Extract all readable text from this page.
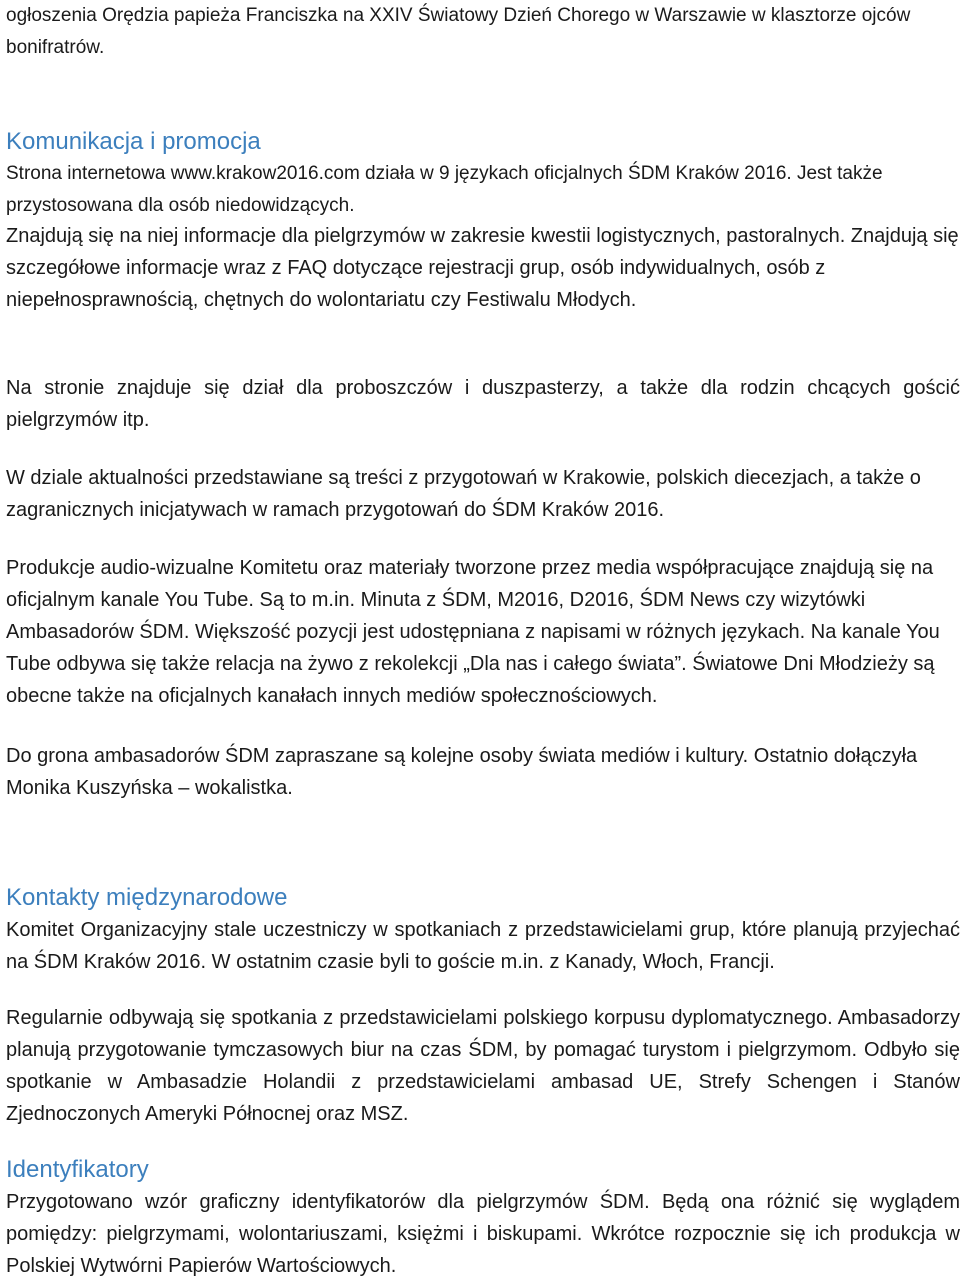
ogłoszenia Orędzia papieża Franciszka na XXIV Światowy Dzień Chorego w Warszawie w klasztorze ojców bonifratrów.

Komunikacja i promocja

Strona internetowa www.krakow2016.com działa w 9 językach oficjalnych ŚDM Kraków 2016. Jest także przystosowana dla osób niedowidzących.

Znajdują się na niej informacje dla pielgrzymów w zakresie kwestii logistycznych, pastoralnych. Znajdują się szczegółowe informacje wraz z FAQ dotyczące rejestracji grup, osób indywidualnych, osób z niepełnosprawnością, chętnych do wolontariatu czy Festiwalu Młodych.

Na stronie znajduje się dział dla proboszczów i duszpasterzy, a także dla rodzin chcących gościć pielgrzymów itp.

W dziale aktualności przedstawiane są treści z przygotowań w Krakowie, polskich diecezjach, a także o zagranicznych inicjatywach w ramach przygotowań do ŚDM Kraków 2016.

Produkcje audio-wizualne Komitetu oraz materiały tworzone przez media współpracujące znajdują się na oficjalnym kanale You Tube. Są to m.in. Minuta z ŚDM, M2016, D2016, ŚDM News czy wizytówki Ambasadorów ŚDM. Większość pozycji jest udostępniana z napisami w różnych językach. Na kanale You Tube odbywa się także relacja na żywo z rekolekcji „Dla nas i całego świata”. Światowe Dni Młodzieży są obecne także na oficjalnych kanałach innych mediów społecznościowych.

Do grona ambasadorów ŚDM zapraszane są kolejne osoby świata mediów i kultury. Ostatnio dołączyła Monika Kuszyńska – wokalistka.

Kontakty międzynarodowe

Komitet Organizacyjny stale uczestniczy w spotkaniach z przedstawicielami grup, które planują przyjechać na ŚDM Kraków 2016. W ostatnim czasie byli to goście m.in. z Kanady, Włoch, Francji.

Regularnie odbywają się spotkania z przedstawicielami polskiego korpusu dyplomatycznego. Ambasadorzy planują przygotowanie tymczasowych biur na czas ŚDM, by pomagać turystom i pielgrzymom. Odbyło się spotkanie w Ambasadzie Holandii z przedstawicielami ambasad UE, Strefy Schengen i Stanów Zjednoczonych Ameryki Północnej oraz MSZ.

Identyfikatory

Przygotowano wzór graficzny identyfikatorów dla pielgrzymów ŚDM. Będą ona różnić się wyglądem pomiędzy: pielgrzymami, wolontariuszami, księżmi i biskupami. Wkrótce rozpocznie się ich produkcja w Polskiej Wytwórni Papierów Wartościowych.
